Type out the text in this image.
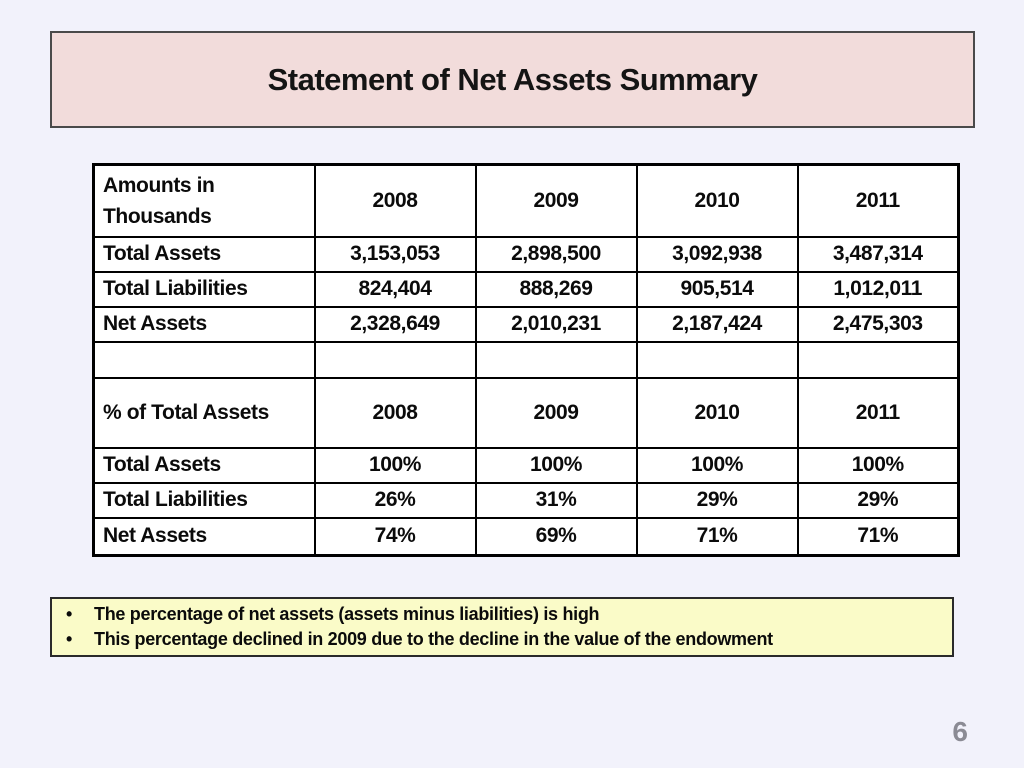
Statement of Net Assets Summary
Amounts in
Thousands	2008	2009	2010	2011
Total Assets	3,153,053	2,898,500	3,092,938	3,487,314
Total Liabilities	824,404	888,269	905,514	1,012,011
Net Assets	2,328,649	2,010,231	2,187,424	2,475,303

% of Total Assets	2008	2009	2010	2011
Total Assets	100%	100%	100%	100%
Total Liabilities	26%	31%	29%	29%
Net Assets	74%	69%	71%	71%
• The percentage of net assets (assets minus liabilities) is high
• This percentage declined in 2009 due to the decline in the value of the endowment
6
